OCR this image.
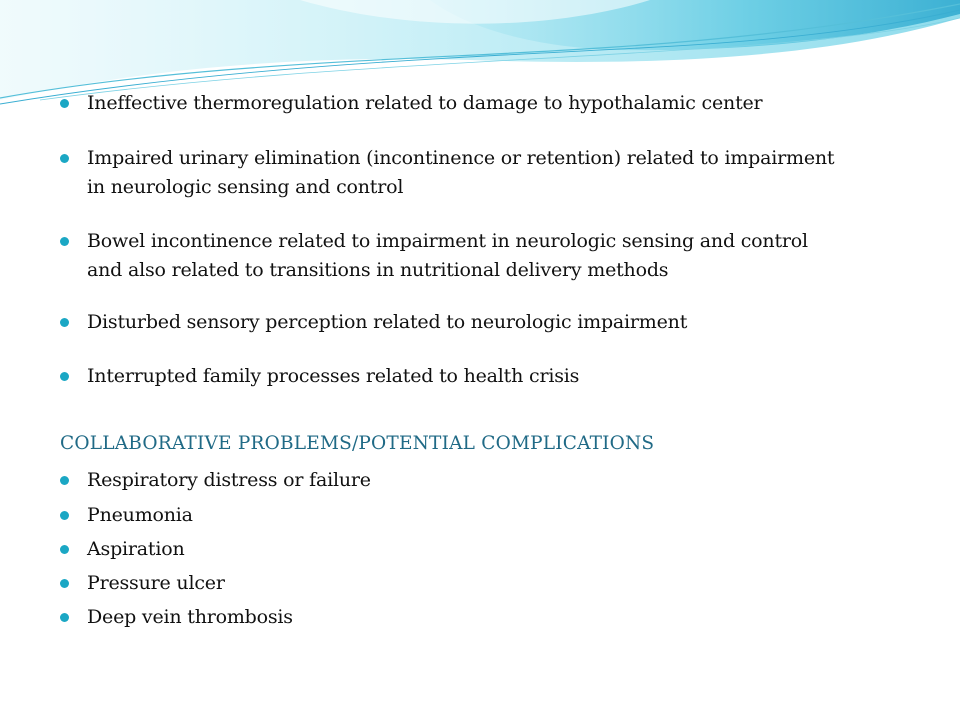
Ineffective thermoregulation related to damage to hypothalamic center
Impaired urinary elimination (incontinence or retention) related to impairment in neurologic sensing and control
Bowel incontinence related to impairment in neurologic sensing and control and also related to transitions in nutritional delivery methods
Disturbed sensory perception related to neurologic impairment
Interrupted family processes related to health crisis
COLLABORATIVE PROBLEMS/POTENTIAL COMPLICATIONS
Respiratory distress or failure
Pneumonia
Aspiration
Pressure ulcer
Deep vein thrombosis
